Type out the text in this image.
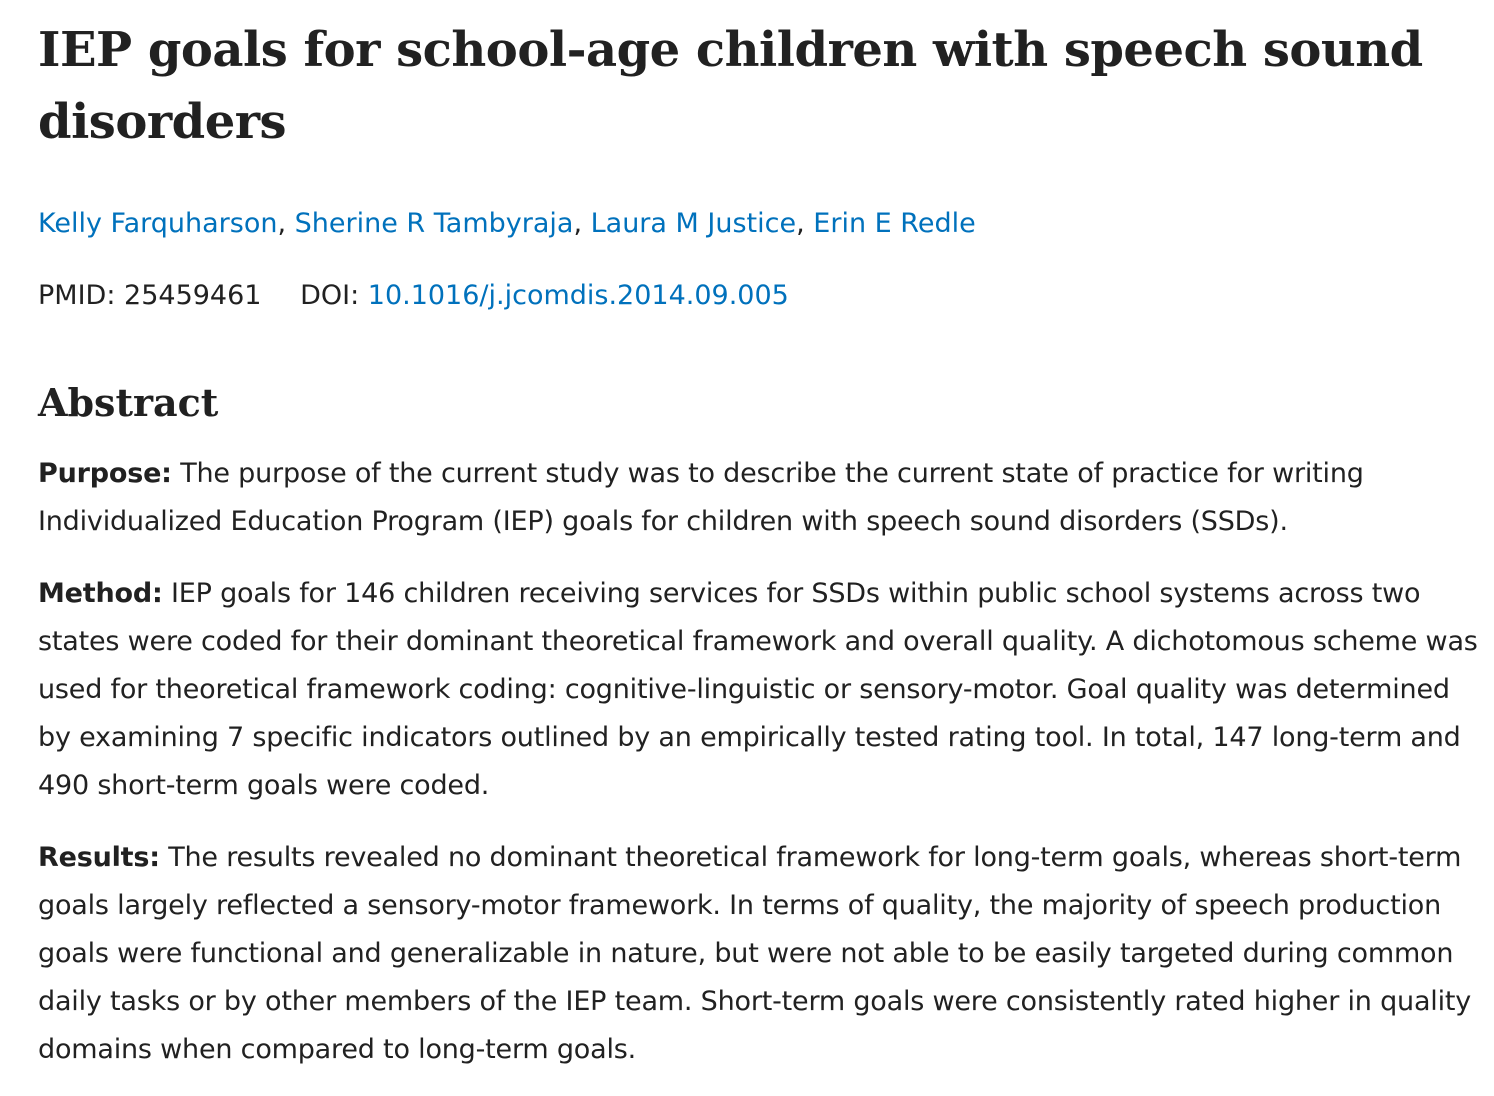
IEP goals for school-age children with speech sound disorders
Kelly Farquharson, Sherine R Tambyraja, Laura M Justice, Erin E Redle
PMID: 25459461 DOI: 10.1016/j.jcomdis.2014.09.005
Abstract

Purpose: The purpose of the current study was to describe the current state of practice for writing Individualized Education Program (IEP) goals for children with speech sound disorders (SSDs).

Method: IEP goals for 146 children receiving services for SSDs within public school systems across two states were coded for their dominant theoretical framework and overall quality. A dichotomous scheme was used for theoretical framework coding: cognitive-linguistic or sensory-motor. Goal quality was determined by examining 7 specific indicators outlined by an empirically tested rating tool. In total, 147 long-term and 490 short-term goals were coded.

Results: The results revealed no dominant theoretical framework for long-term goals, whereas short-term goals largely reflected a sensory-motor framework. In terms of quality, the majority of speech production goals were functional and generalizable in nature, but were not able to be easily targeted during common daily tasks or by other members of the IEP team. Short-term goals were consistently rated higher in quality domains when compared to long-term goals.
